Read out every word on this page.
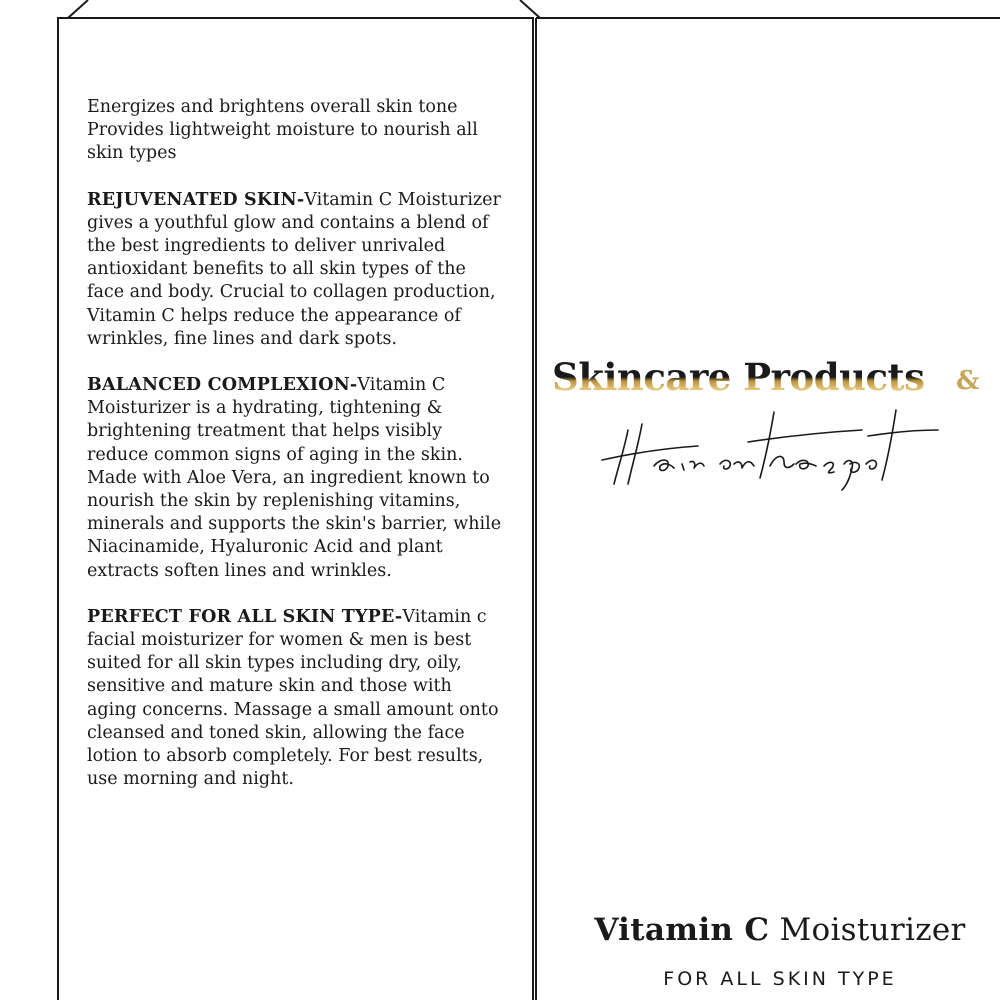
Energizes and brightens overall skin tone
Provides lightweight moisture to nourish all skin types

REJUVENATED SKIN-Vitamin C Moisturizer gives a youthful glow and contains a blend of the best ingredients to deliver unrivaled antioxidant benefits to all skin types of the face and body. Crucial to collagen production, Vitamin C helps reduce the appearance of wrinkles, fine lines and dark spots.

BALANCED COMPLEXION-Vitamin C Moisturizer is a hydrating, tightening & brightening treatment that helps visibly reduce common signs of aging in the skin. Made with Aloe Vera, an ingredient known to nourish the skin by replenishing vitamins, minerals and supports the skin's barrier, while Niacinamide, Hyaluronic Acid and plant extracts soften lines and wrinkles.

PERFECT FOR ALL SKIN TYPE-Vitamin c facial moisturizer for women & men is best suited for all skin types including dry, oily, sensitive and mature skin and those with aging concerns. Massage a small amount onto cleansed and toned skin, allowing the face lotion to absorb completely. For best results, use morning and night.

Skincare Products &
Vitamin C Moisturizer
FOR ALL SKIN TYPE
